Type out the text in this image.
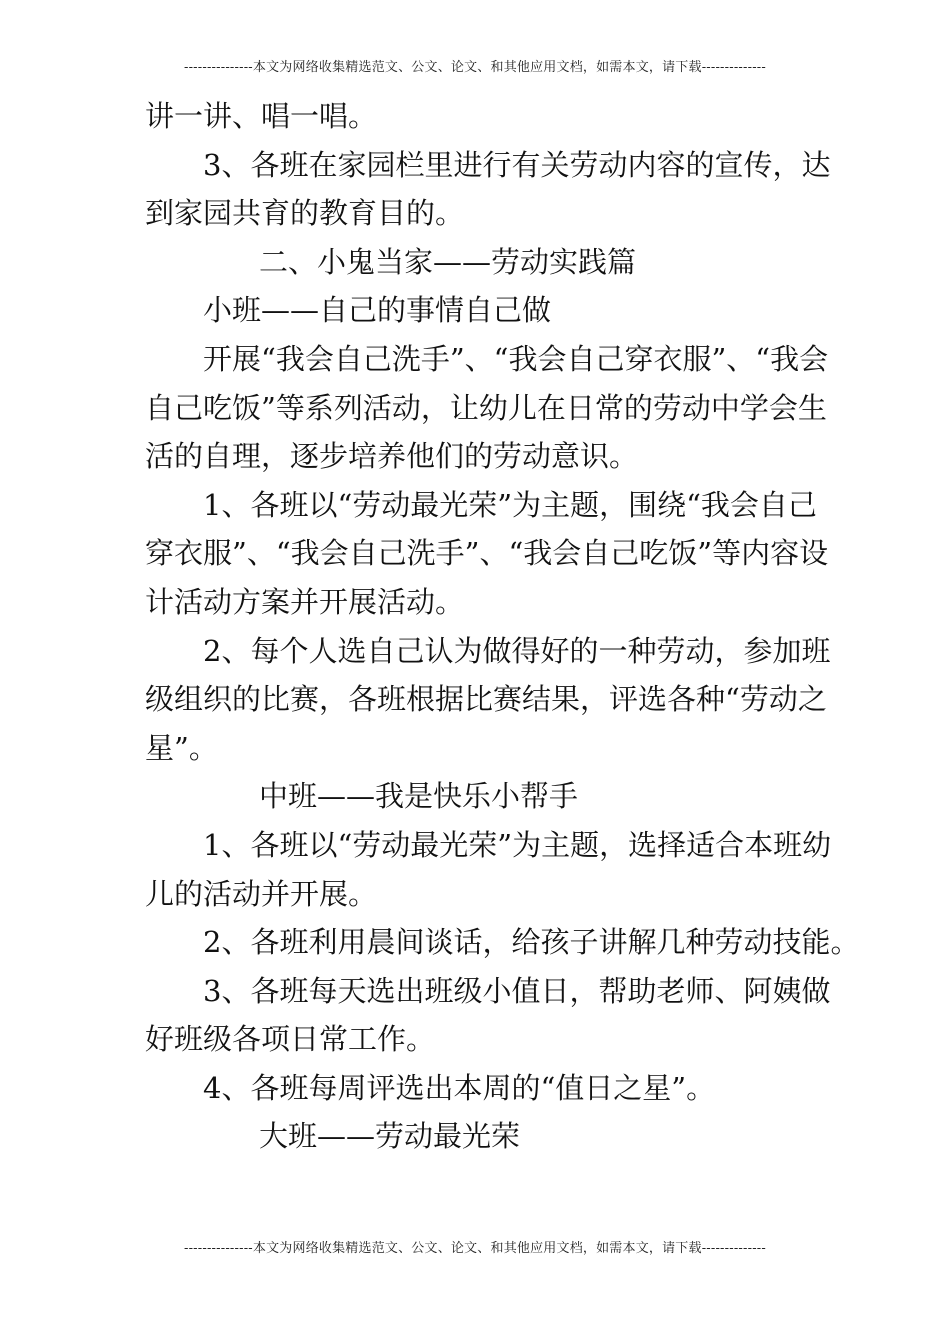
---------------本文为网络收集精选范文、公文、论文、和其他应用文档，如需本文，请下载--------------
讲一讲、唱一唱。
3、各班在家园栏里进行有关劳动内容的宣传，达
到家园共育的教育目的。
二、小鬼当家——劳动实践篇
小班——自己的事情自己做
开展“我会自己洗手”、“我会自己穿衣服”、“我会
自己吃饭”等系列活动，让幼儿在日常的劳动中学会生
活的自理，逐步培养他们的劳动意识。
1、各班以“劳动最光荣”为主题，围绕“我会自己
穿衣服”、“我会自己洗手”、“我会自己吃饭”等内容设
计活动方案并开展活动。
2、每个人选自己认为做得好的一种劳动，参加班
级组织的比赛，各班根据比赛结果，评选各种“劳动之
星”。
中班——我是快乐小帮手
1、各班以“劳动最光荣”为主题，选择适合本班幼
儿的活动并开展。
2、各班利用晨间谈话，给孩子讲解几种劳动技能。
3、各班每天选出班级小值日，帮助老师、阿姨做
好班级各项日常工作。
4、各班每周评选出本周的“值日之星”。
大班——劳动最光荣
---------------本文为网络收集精选范文、公文、论文、和其他应用文档，如需本文，请下载--------------
